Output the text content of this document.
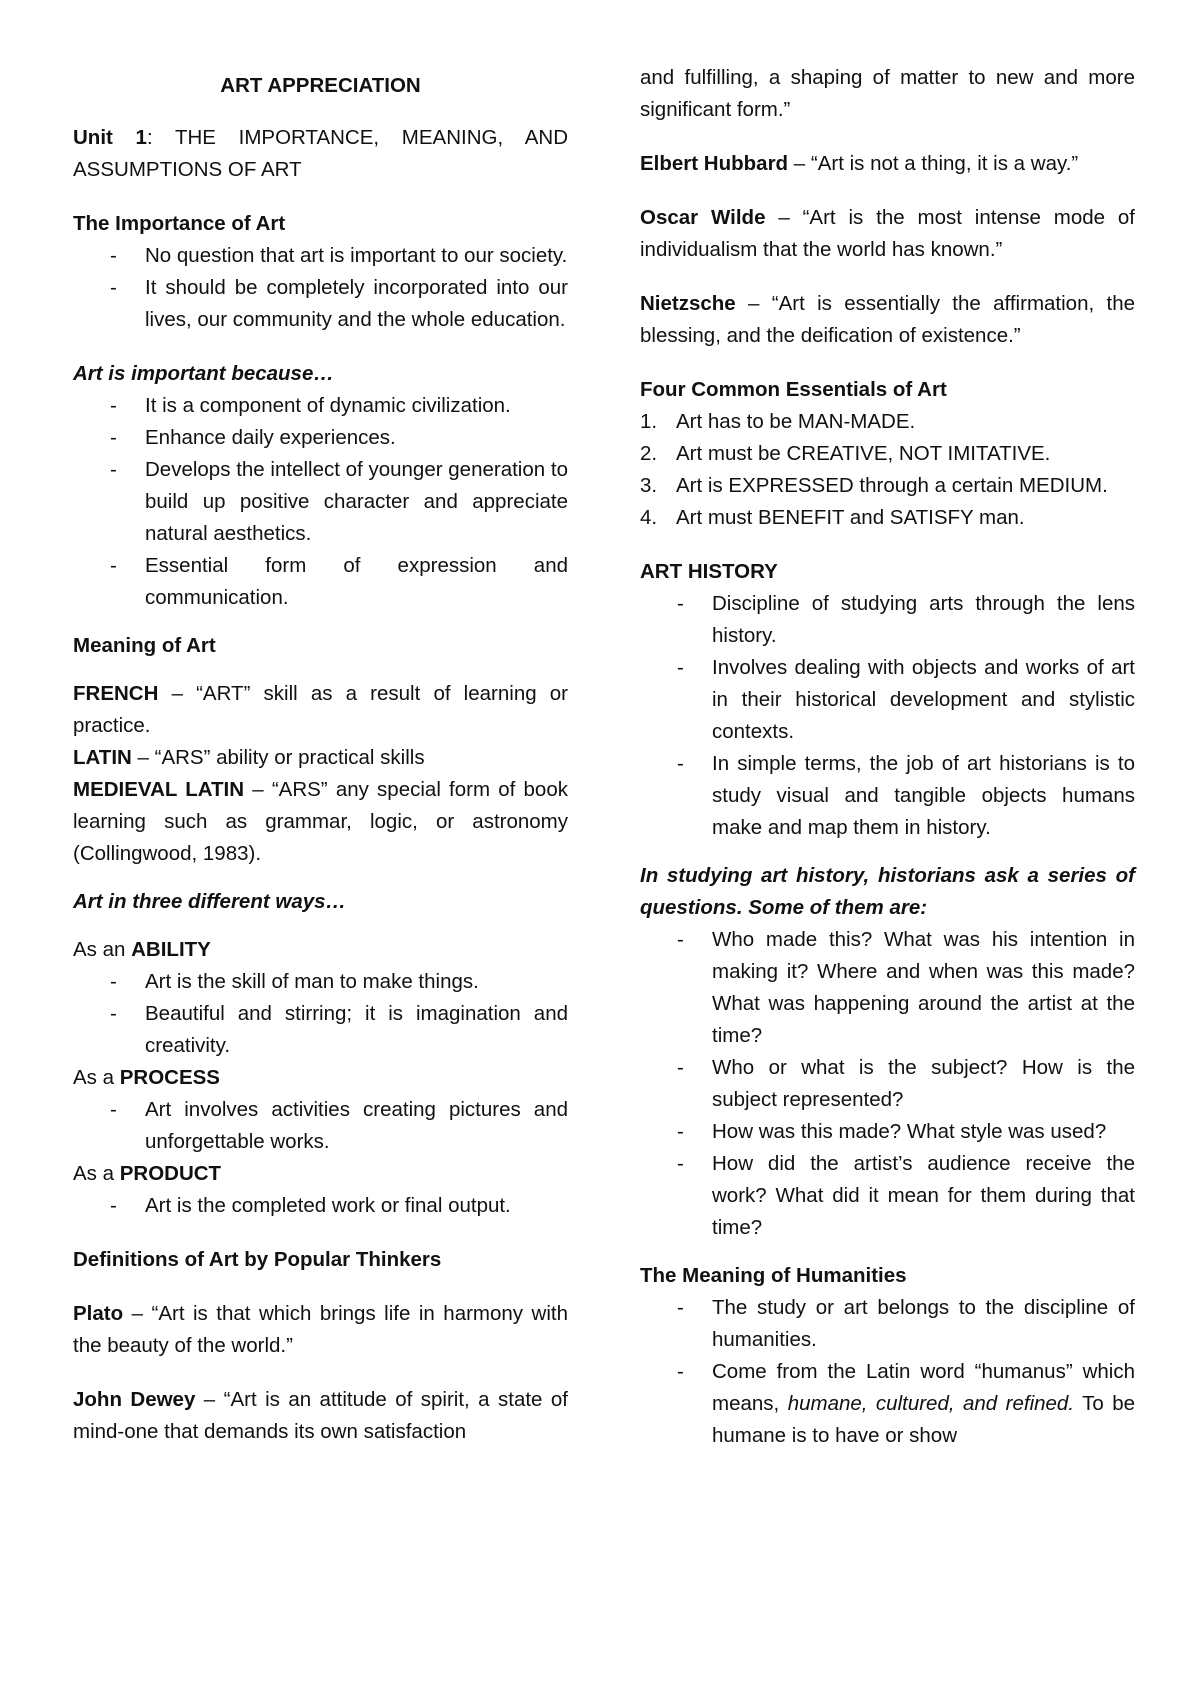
ART APPRECIATION

Unit 1: THE IMPORTANCE, MEANING, AND ASSUMPTIONS OF ART

The Importance of Art

- No question that art is important to our society.
- It should be completely incorporated into our lives, our community and the whole education.

Art is important because…

- It is a component of dynamic civilization.
- Enhance daily experiences.
- Develops the intellect of younger generation to build up positive character and appreciate natural aesthetics.
- Essential form of expression and communication.

Meaning of Art

FRENCH – “ART” skill as a result of learning or practice.

LATIN – “ARS” ability or practical skills

MEDIEVAL LATIN – “ARS” any special form of book learning such as grammar, logic, or astronomy (Collingwood, 1983).

Art in three different ways…

As an ABILITY

- Art is the skill of man to make things.
- Beautiful and stirring; it is imagination and creativity.

As a PROCESS

- Art involves activities creating pictures and unforgettable works.

As a PRODUCT

- Art is the completed work or final output.

Definitions of Art by Popular Thinkers

Plato – “Art is that which brings life in harmony with the beauty of the world.”

John Dewey – “Art is an attitude of spirit, a state of mind-one that demands its own satisfaction

and fulfilling, a shaping of matter to new and more significant form.”

Elbert Hubbard – “Art is not a thing, it is a way.”

Oscar Wilde – “Art is the most intense mode of individualism that the world has known.”

Nietzsche – “Art is essentially the affirmation, the blessing, and the deification of existence.”

Four Common Essentials of Art

1. Art has to be MAN-MADE.
2. Art must be CREATIVE, NOT IMITATIVE.
3. Art is EXPRESSED through a certain MEDIUM.
4. Art must BENEFIT and SATISFY man.

ART HISTORY

- Discipline of studying arts through the lens history.
- Involves dealing with objects and works of art in their historical development and stylistic contexts.
- In simple terms, the job of art historians is to study visual and tangible objects humans make and map them in history.

In studying art history, historians ask a series of questions. Some of them are:

- Who made this? What was his intention in making it? Where and when was this made? What was happening around the artist at the time?
- Who or what is the subject? How is the subject represented?
- How was this made? What style was used?
- How did the artist’s audience receive the work? What did it mean for them during that time?

The Meaning of Humanities

- The study or art belongs to the discipline of humanities.
- Come from the Latin word “humanus” which means, humane, cultured, and refined. To be humane is to have or show
